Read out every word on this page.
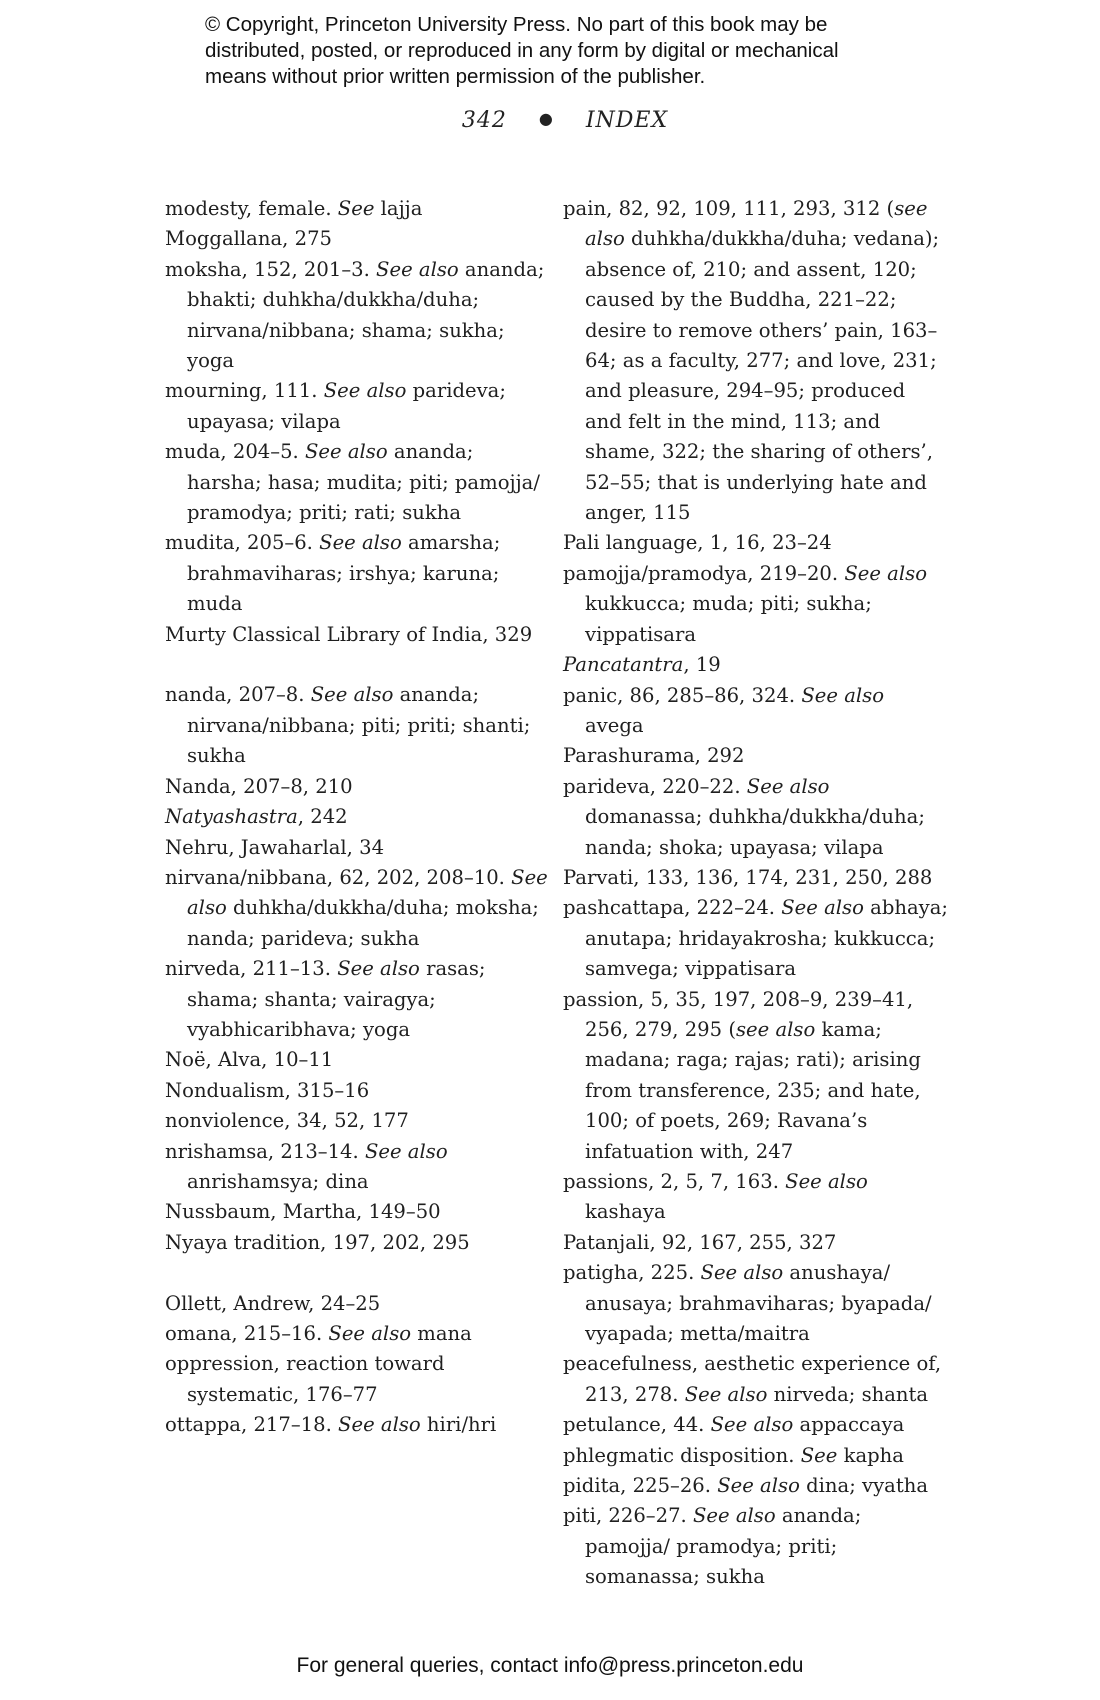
© Copyright, Princeton University Press. No part of this book may be
distributed, posted, or reproduced in any form by digital or mechanical
means without prior written permission of the publisher.
342 ● INDEX
modesty, female. See lajja
Moggallana, 275
moksha, 152, 201–3. See also ananda; bhakti; duhkha/dukkha/duha; nirvana/nibbana; shama; sukha; yoga
mourning, 111. See also parideva; upayasa; vilapa
muda, 204–5. See also ananda; harsha; hasa; mudita; piti; pamojja/ pramodya; priti; rati; sukha
mudita, 205–6. See also amarsha; brahmaviharas; irshya; karuna; muda
Murty Classical Library of India, 329
nanda, 207–8. See also ananda; nirvana/nibbana; piti; priti; shanti; sukha
Nanda, 207–8, 210
Natyashastra, 242
Nehru, Jawaharlal, 34
nirvana/nibbana, 62, 202, 208–10. See also duhkha/dukkha/duha; moksha; nanda; parideva; sukha
nirveda, 211–13. See also rasas; shama; shanta; vairagya; vyabhicaribhava; yoga
Noë, Alva, 10–11
Nondualism, 315–16
nonviolence, 34, 52, 177
nrishamsa, 213–14. See also anrishamsya; dina
Nussbaum, Martha, 149–50
Nyaya tradition, 197, 202, 295
Ollett, Andrew, 24–25
omana, 215–16. See also mana
oppression, reaction toward systematic, 176–77
ottappa, 217–18. See also hiri/hri
pain, 82, 92, 109, 111, 293, 312 (see also duhkha/dukkha/duha; vedana); absence of, 210; and assent, 120; caused by the Buddha, 221–22; desire to remove others’ pain, 163–64; as a faculty, 277; and love, 231; and pleasure, 294–95; produced and felt in the mind, 113; and shame, 322; the sharing of others’, 52–55; that is underlying hate and anger, 115
Pali language, 1, 16, 23–24
pamojja/pramodya, 219–20. See also kukkucca; muda; piti; sukha; vippatisara
Pancatantra, 19
panic, 86, 285–86, 324. See also avega
Parashurama, 292
parideva, 220–22. See also domanassa; duhkha/dukkha/duha; nanda; shoka; upayasa; vilapa
Parvati, 133, 136, 174, 231, 250, 288
pashcattapa, 222–24. See also abhaya; anutapa; hridayakrosha; kukkucca; samvega; vippatisara
passion, 5, 35, 197, 208–9, 239–41, 256, 279, 295 (see also kama; madana; raga; rajas; rati); arising from transference, 235; and hate, 100; of poets, 269; Ravana’s infatuation with, 247
passions, 2, 5, 7, 163. See also kashaya
Patanjali, 92, 167, 255, 327
patigha, 225. See also anushaya/ anusaya; brahmaviharas; byapada/ vyapada; metta/maitra
peacefulness, aesthetic experience of, 213, 278. See also nirveda; shanta
petulance, 44. See also appaccaya
phlegmatic disposition. See kapha
pidita, 225–26. See also dina; vyatha
piti, 226–27. See also ananda; pamojja/ pramodya; priti; somanassa; sukha
For general queries, contact info@press.princeton.edu
